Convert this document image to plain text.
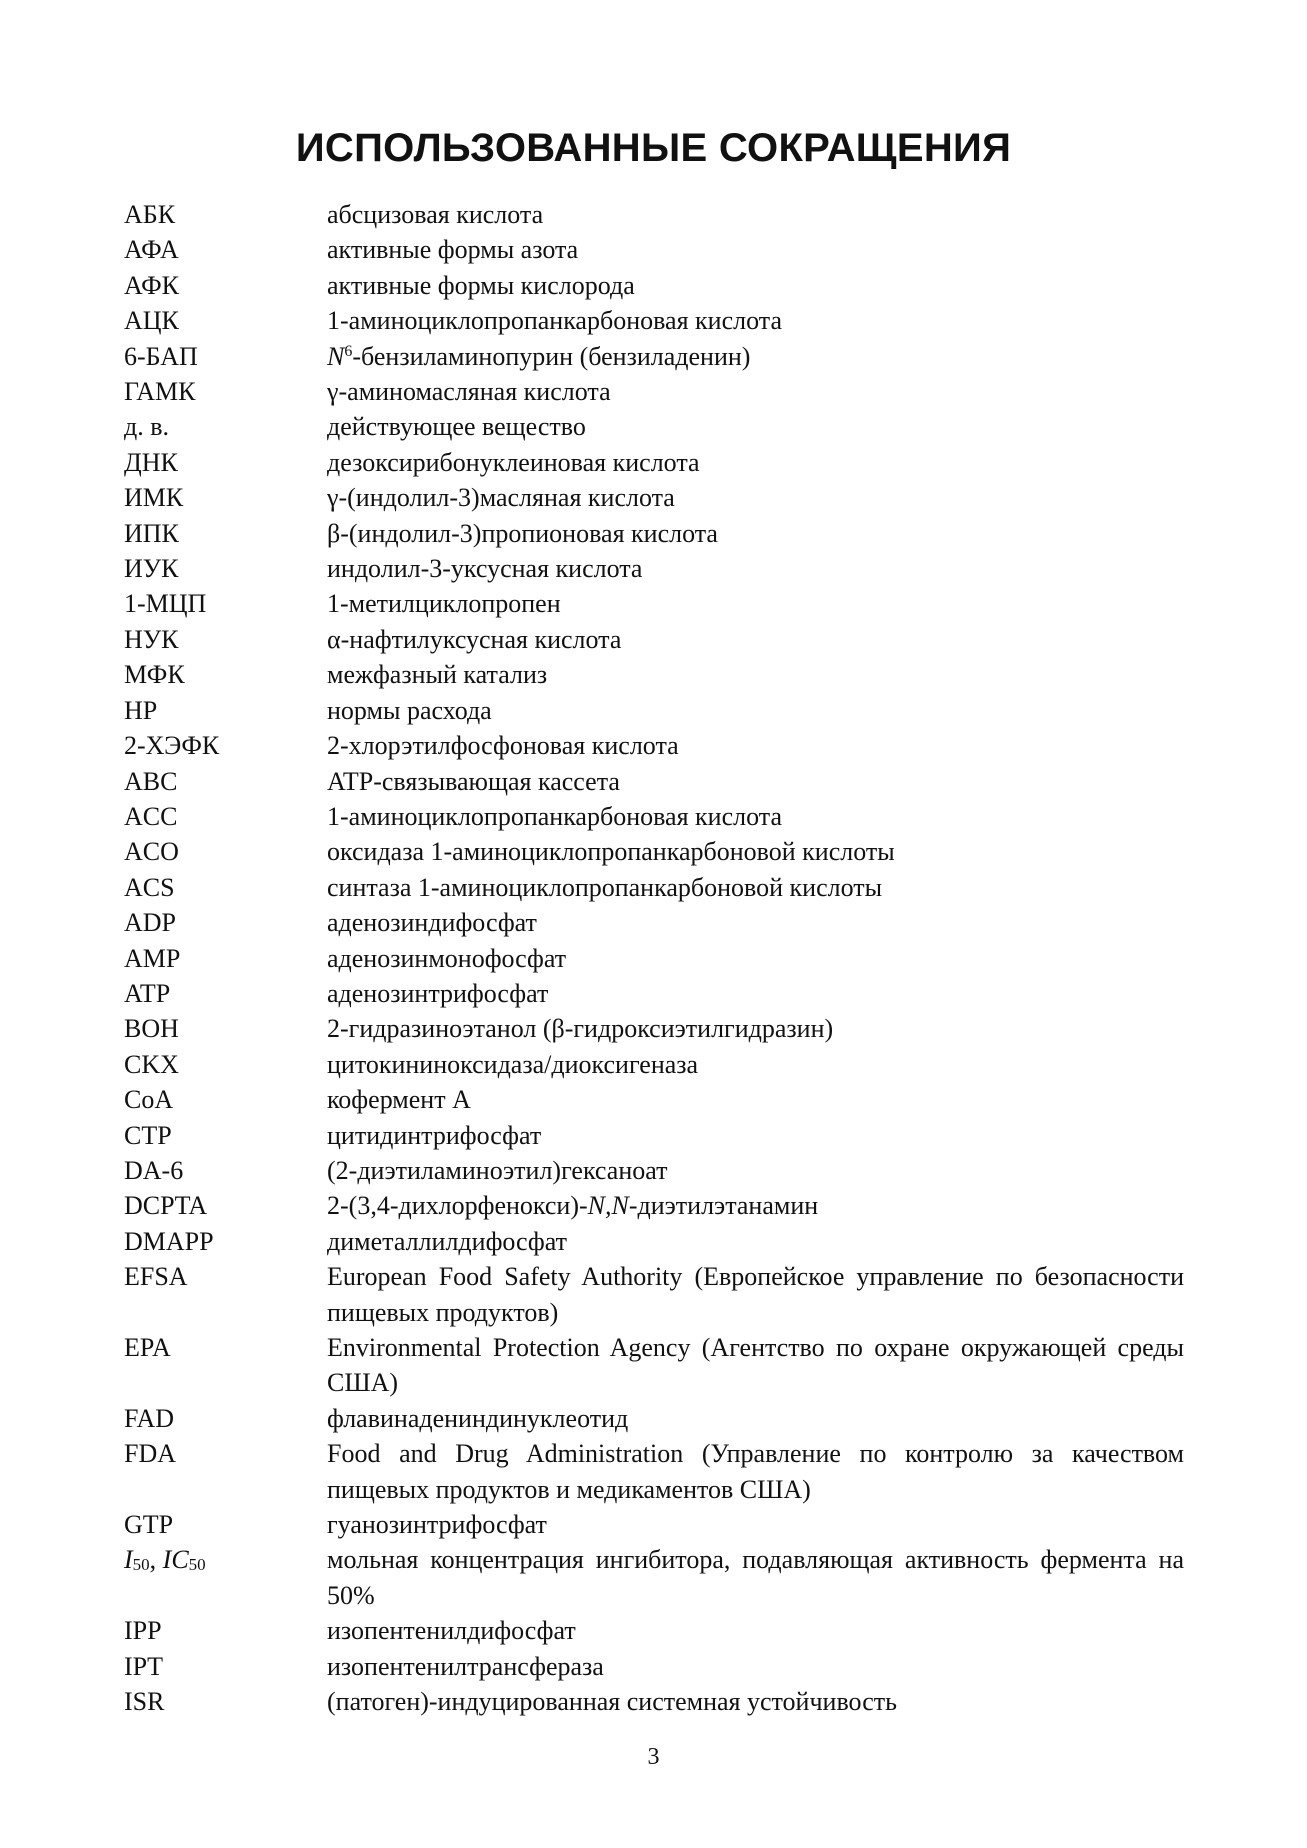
ИСПОЛЬЗОВАННЫЕ СОКРАЩЕНИЯ
АБК	абсцизовая кислота
АФА	активные формы азота
АФК	активные формы кислорода
АЦК	1-аминоциклопропанкарбоновая кислота
6-БАП	$N^6$-бензиламинопурин (бензиладенин)
ГАМК	γ-аминомасляная кислота
д. в.	действующее вещество
ДНК	дезоксирибонуклеиновая кислота
ИМК	γ-(индолил-3)масляная кислота
ИПК	β-(индолил-3)пропионовая кислота
ИУК	индолил-3-уксусная кислота
1-МЦП	1-метилциклопропен
НУК	α-нафтилуксусная кислота
МФК	межфазный катализ
НР	нормы расхода
2-ХЭФК	2-хлорэтилфосфоновая кислота
ABC	ATP-связывающая кассета
ACC	1-аминоциклопропанкарбоновая кислота
ACO	оксидаза 1-аминоциклопропанкарбоновой кислоты
ACS	синтаза 1-аминоциклопропанкарбоновой кислоты
ADP	аденозиндифосфат
AMP	аденозинмонофосфат
ATP	аденозинтрифосфат
BOH	2-гидразиноэтанол (β-гидроксиэтилгидразин)
CKX	цитокининоксидаза/диоксигеназа
CoA	кофермент А
CTP	цитидинтрифосфат
DA-6	(2-диэтиламиноэтил)гексаноат
DCPTA	2-(3,4-дихлорфенокси)-N,N-диэтилэтанамин
DMAPP	диметаллилдифосфат
EFSA	European Food Safety Authority (Европейское управление по безопасности пищевых продуктов)
EPA	Environmental Protection Agency (Агентство по охране окружающей среды США)
FAD	флавинадениндинуклеотид
FDA	Food and Drug Administration (Управление по контролю за качеством пищевых продуктов и медикаментов США)
GTP	гуанозинтрифосфат
$I_{50}$, $IC_{50}$	мольная концентрация ингибитора, подавляющая активность фермента на 50%
IPP	изопентенилдифосфат
IPT	изопентенилтрансфераза
ISR	(патоген)-индуцированная системная устойчивость
3
